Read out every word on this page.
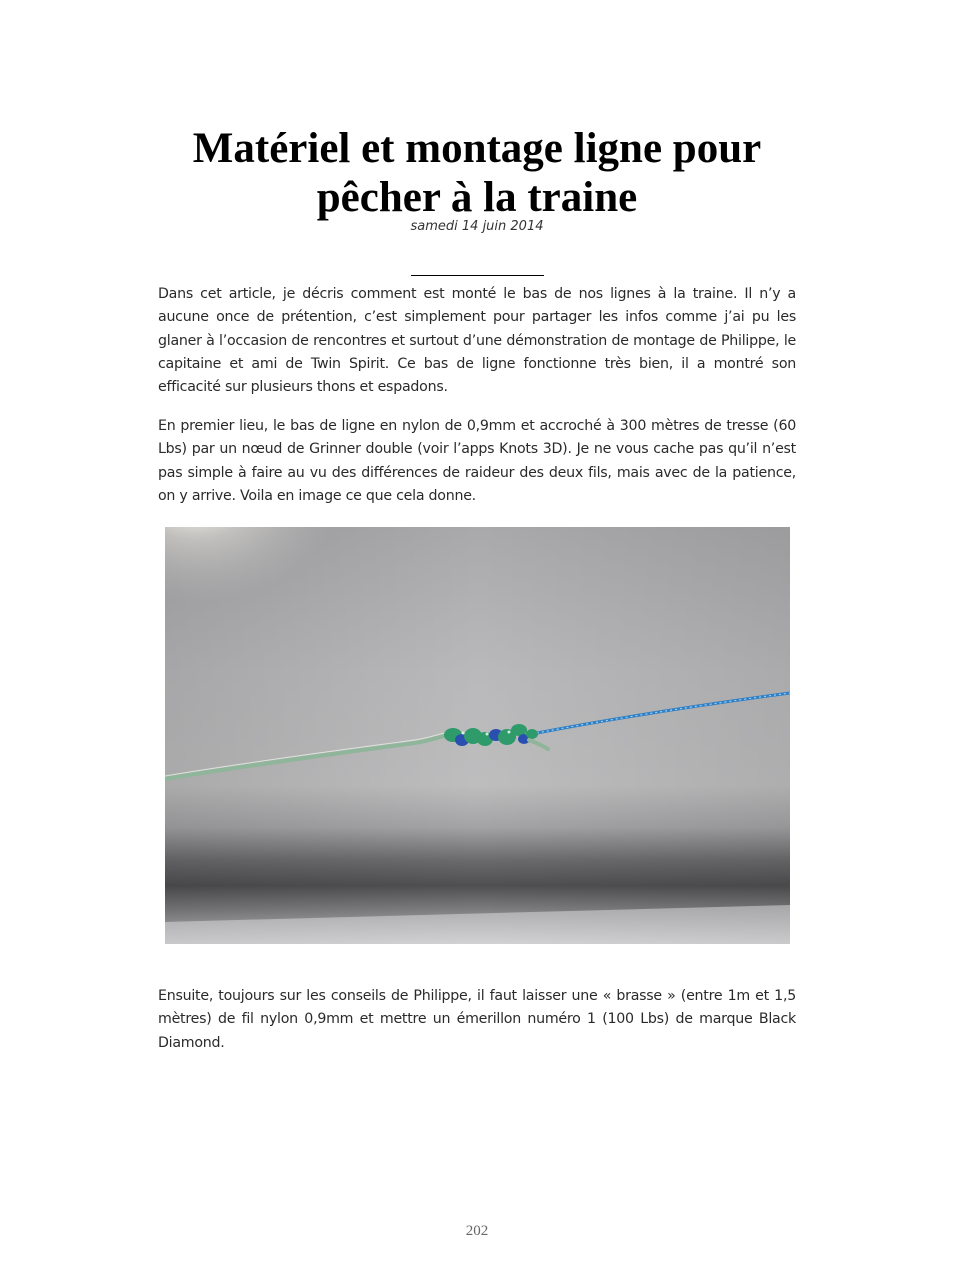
Matériel et montage ligne pour pêcher à la traine
samedi 14 juin 2014

Dans cet article, je décris comment est monté le bas de nos lignes à la traine. Il n’y a aucune once de prétention, c’est simplement pour partager les infos comme j’ai pu les glaner à l’occasion de rencontres et surtout d’une démonstration de montage de Philippe, le capitaine et ami de Twin Spirit. Ce bas de ligne fonctionne très bien, il a montré son efficacité sur plusieurs thons et espadons.

En premier lieu, le bas de ligne en nylon de 0,9mm et accroché à 300 mètres de tresse (60 Lbs) par un nœud de Grinner double (voir l’apps Knots 3D). Je ne vous cache pas qu’il n’est pas simple à faire au vu des différences de raideur des deux fils, mais avec de la patience, on y arrive. Voila en image ce que cela donne.

Ensuite, toujours sur les conseils de Philippe, il faut laisser une « brasse » (entre 1m et 1,5 mètres) de fil nylon 0,9mm et mettre un émerillon numéro 1 (100 Lbs) de marque Black Diamond.

202
